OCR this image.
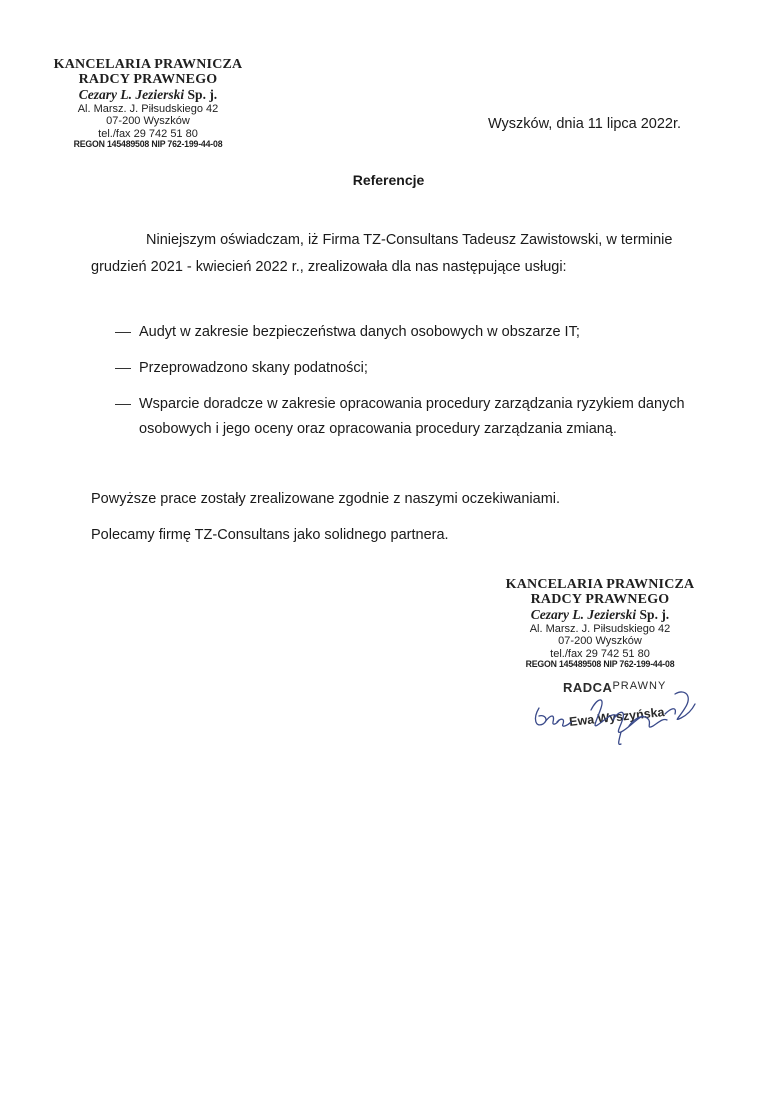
KANCELARIA PRAWNICZA
RADCY PRAWNEGO
Cezary L. Jezierski Sp. j.
Al. Marsz. J. Piłsudskiego 42
07-200 Wyszków
tel./fax 29 742 51 80
REGON 145489508 NIP 762-199-44-08
Wyszków, dnia 11 lipca 2022r.
Referencje
Niniejszym oświadczam, iż Firma TZ-Consultans Tadeusz Zawistowski, w terminie grudzień 2021 - kwiecień 2022 r., zrealizowała dla nas następujące usługi:
Audyt w zakresie bezpieczeństwa danych osobowych w obszarze IT;
Przeprowadzono skany podatności;
Wsparcie doradcze w zakresie opracowania procedury zarządzania ryzykiem danych osobowych i jego oceny oraz opracowania procedury zarządzania zmianą.
Powyższe prace zostały zrealizowane zgodnie z naszymi oczekiwaniami.
Polecamy firmę TZ-Consultans jako solidnego partnera.
KANCELARIA PRAWNICZA
RADCY PRAWNEGO
Cezary L. Jezierski Sp. j.
Al. Marsz. J. Piłsudskiego 42
07-200 Wyszków
tel./fax 29 742 51 80
REGON 145489508 NIP 762-199-44-08
$RADCA^{PRAWNY}$
Ewa Wyszyńska
